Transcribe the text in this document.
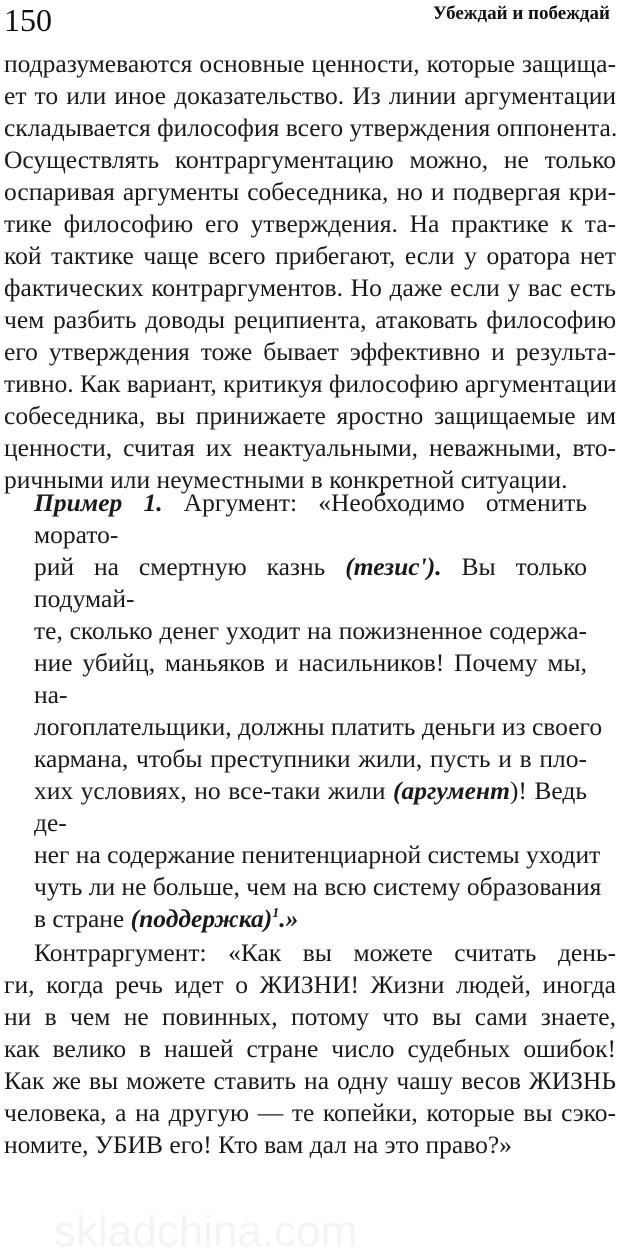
150	Убеждай и побеждай
подразумеваются основные ценности, которые защища-
ет то или иное доказательство. Из линии аргументации
складывается философия всего утверждения оппонента.
Осуществлять контраргументацию можно, не только
оспаривая аргументы собеседника, но и подвергая кри-
тике философию его утверждения. На практике к та-
кой тактике чаще всего прибегают, если у оратора нет
фактических контраргументов. Но даже если у вас есть
чем разбить доводы реципиента, атаковать философию
его утверждения тоже бывает эффективно и результа-
тивно. Как вариант, критикуя философию аргументации
собеседника, вы принижаете яростно защищаемые им
ценности, считая их неактуальными, неважными, вто-
ричными или неуместными в конкретной ситуации.
Пример 1. Аргумент: «Необходимо отменить
морато-
рий на смертную казнь (тезис'). Вы только
подумай-
те, сколько денег уходит на пожизненное содержа-
ние убийц, маньяков и насильников! Почему мы,
на-
логоплательщики, должны платить деньги из своего
кармана, чтобы преступники жили, пусть и в пло-
хих условиях, но все-таки жили (аргумент)! Ведь
де-
нег на содержание пенитенциарной системы уходит
чуть ли не больше, чем на всю систему образования
в стране (поддержка)$^1$.»
Контраргумент: «Как вы можете считать день-
ги, когда речь идет о ЖИЗНИ! Жизни людей, иногда
ни в чем не повинных, потому что вы сами знаете,
как велико в нашей стране число судебных ошибок!
Как же вы можете ставить на одну чашу весов ЖИЗНЬ
человека, а на другую — те копейки, которые вы сэко-
номите, УБИВ его! Кто вам дал на это право?»
skladchina.com
